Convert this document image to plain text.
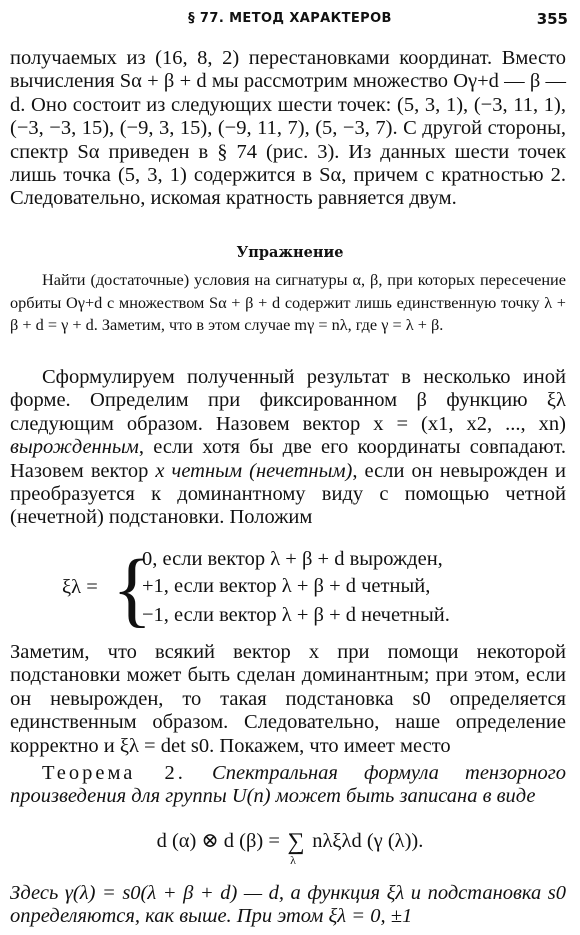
§ 77. МЕТОД ХАРАКТЕРОВ	355

получаемых из (16, 8, 2) перестановками координат. Вместо вычисления Sα + β + d мы рассмотрим множество Oγ+d — β — d. Оно состоит из следующих шести точек: (5, 3, 1), (−3, 11, 1), (−3, −3, 15), (−9, 3, 15), (−9, 11, 7), (5, −3, 7). С другой стороны, спектр Sα приведен в § 74 (рис. 3). Из данных шести точек лишь точка (5, 3, 1) содержится в Sα, причем с кратностью 2. Следовательно, искомая кратность равняется двум.

Упражнение

Найти (достаточные) условия на сигнатуры α, β, при которых пересечение орбиты Oγ+d с множеством Sα + β + d содержит лишь единственную точку λ + β + d = γ + d. Заметим, что в этом случае mγ = nλ, где γ = λ + β.

Сформулируем полученный результат в несколько иной форме. Определим при фиксированном β функцию ξλ следующим образом. Назовем вектор x = (x1, x2, ..., xn) вырожденным, если хотя бы две его координаты совпадают. Назовем вектор x четным (нечетным), если он невырожден и преобразуется к доминантному виду с помощью четной (нечетной) подстановки. Положим

ξλ = {
0, если вектор λ + β + d вырожден,
+1, если вектор λ + β + d четный,
−1, если вектор λ + β + d нечетный.

Заметим, что всякий вектор x при помощи некоторой подстановки может быть сделан доминантным; при этом, если он невырожден, то такая подстановка s0 определяется единственным образом. Следовательно, наше определение корректно и ξλ = det s0. Покажем, что имеет место

Теорема 2. Спектральная формула тензорного произведения для группы U(n) может быть записана в виде

d (α) ⊗ d (β) = ∑
λ
nλξλd (γ (λ)).

Здесь γ(λ) = s0(λ + β + d) — d, а функция ξλ и подстановка s0 определяются, как выше. При этом ξλ = 0, ±1
